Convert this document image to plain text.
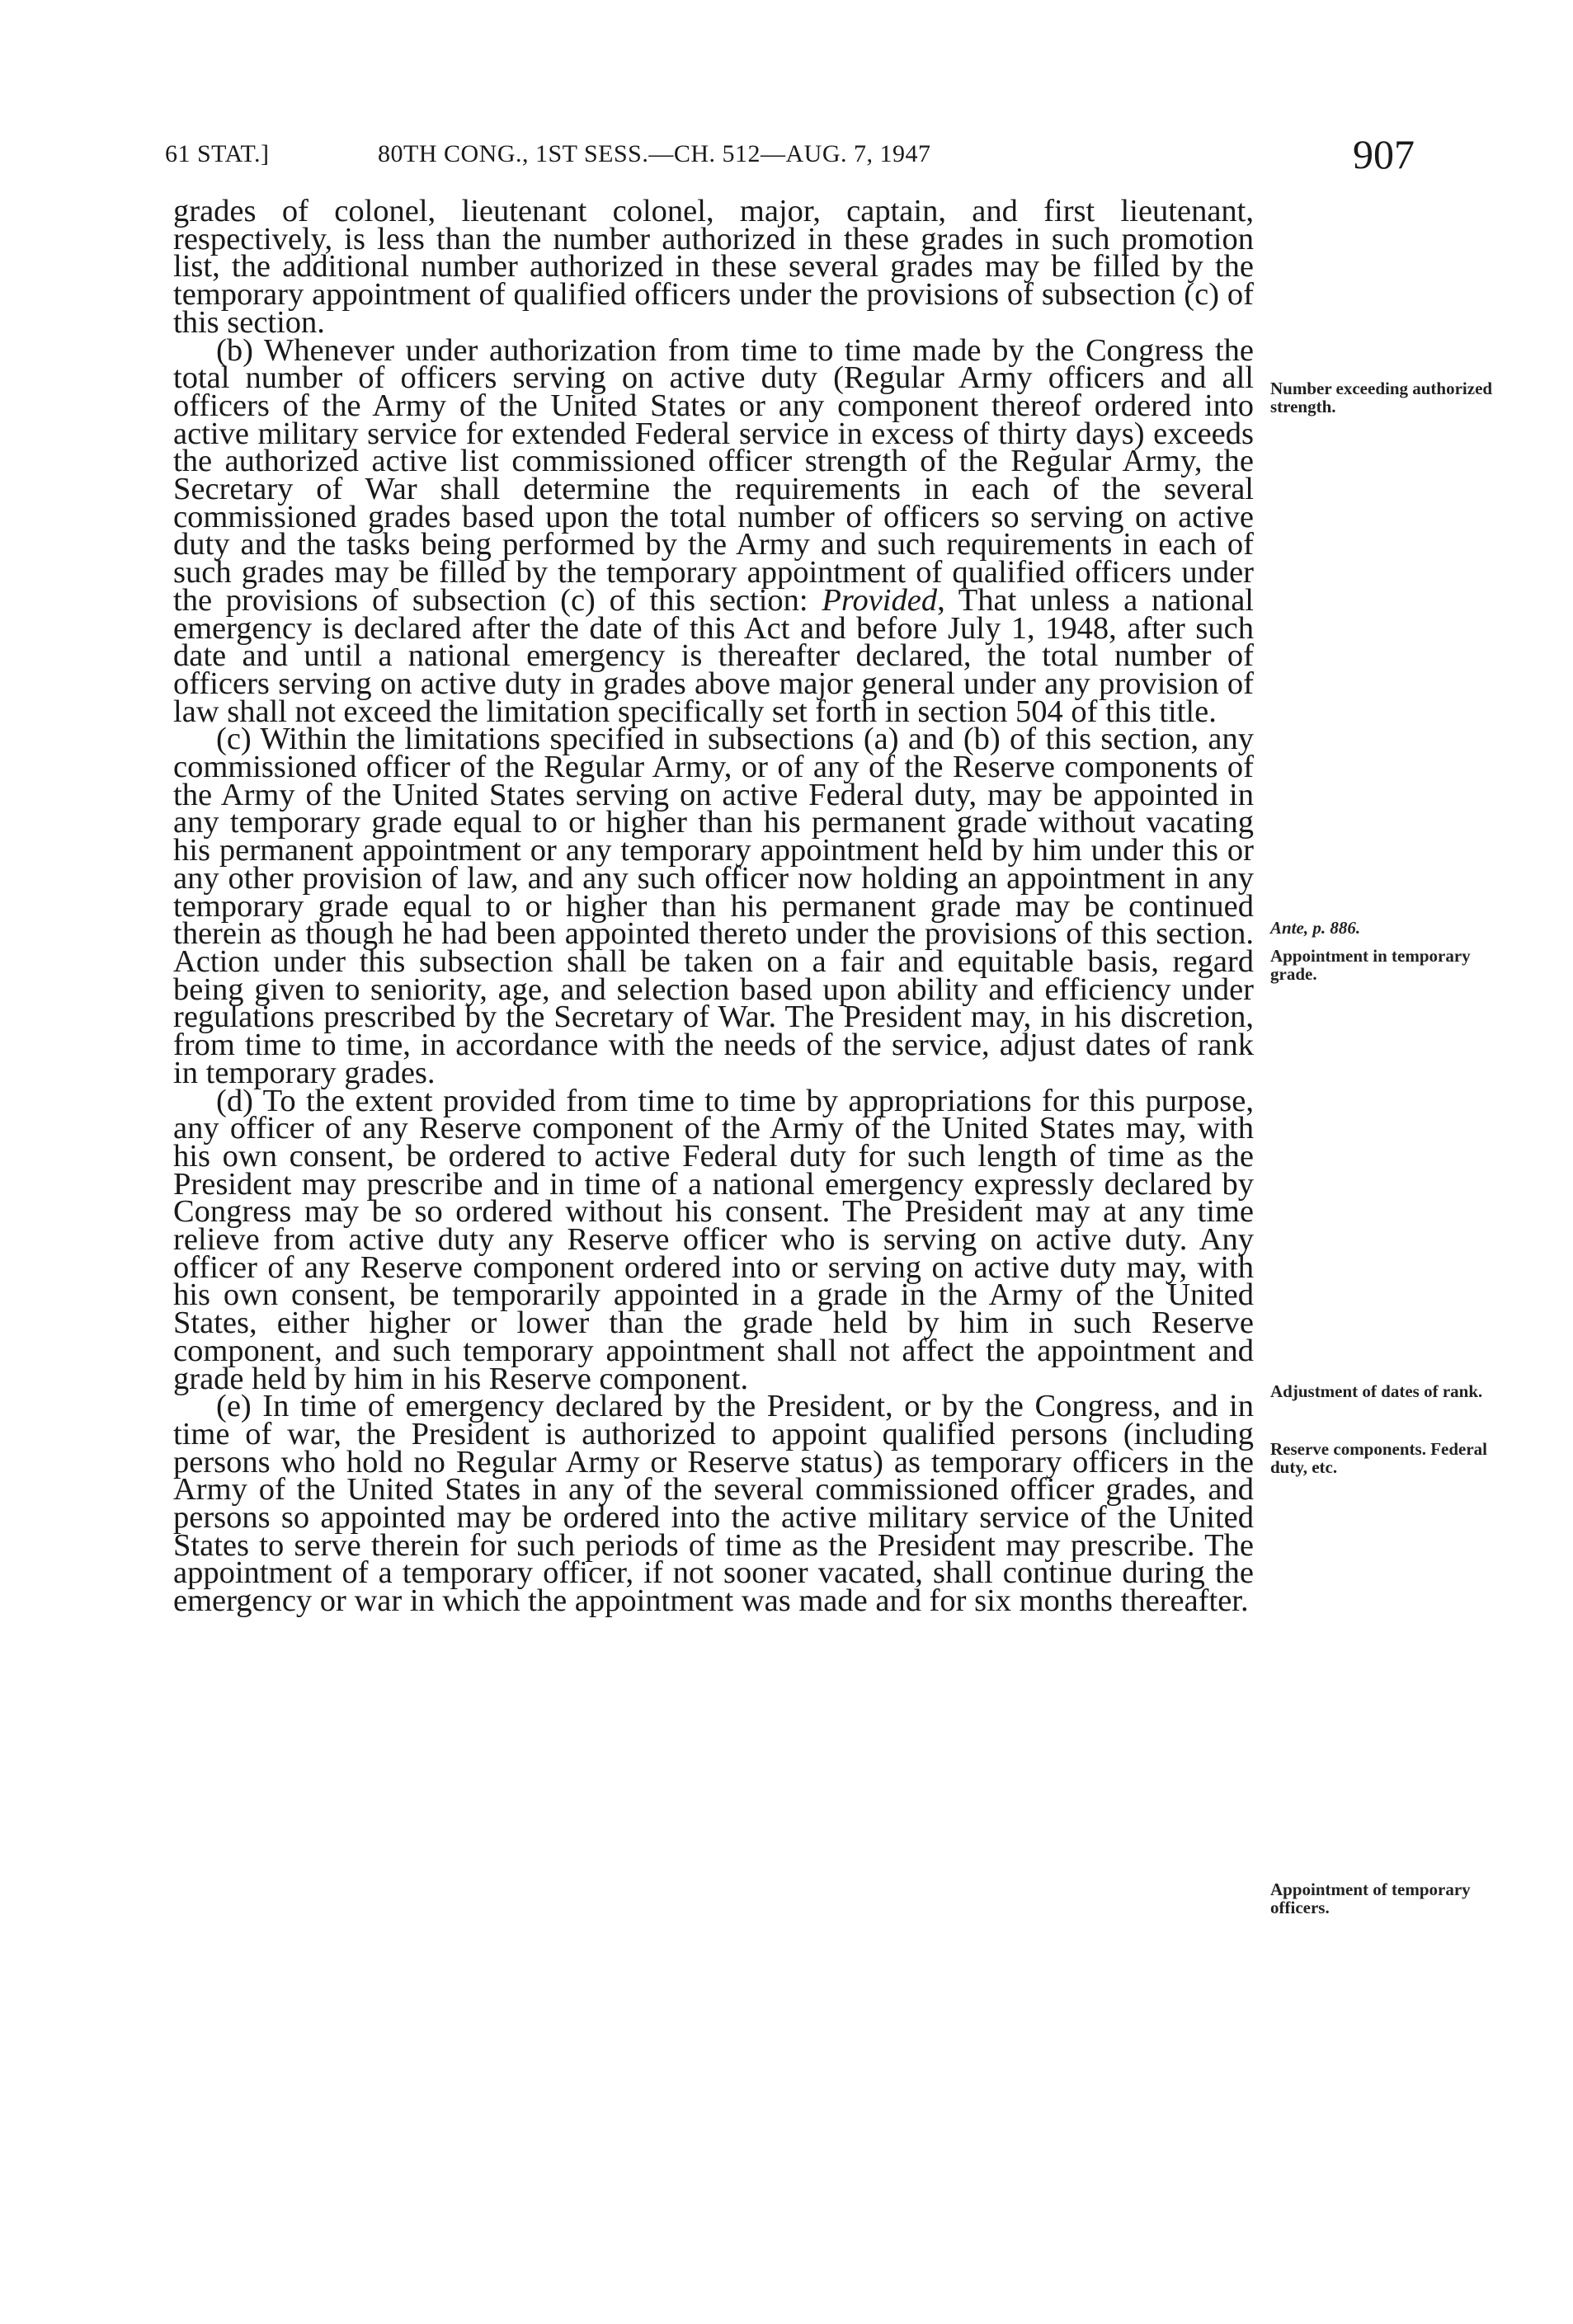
61 STAT.]	80TH CONG., 1ST SESS.—CH. 512—AUG. 7, 1947	907

grades of colonel, lieutenant colonel, major, captain, and first lieutenant, respectively, is less than the number authorized in these grades in such promotion list, the additional number authorized in these several grades may be filled by the temporary appointment of qualified officers under the provisions of subsection (c) of this section.

(b) Whenever under authorization from time to time made by the Congress the total number of officers serving on active duty (Regular Army officers and all officers of the Army of the United States or any component thereof ordered into active military service for extended Federal service in excess of thirty days) exceeds the authorized active list commissioned officer strength of the Regular Army, the Secretary of War shall determine the requirements in each of the several commissioned grades based upon the total number of officers so serving on active duty and the tasks being performed by the Army and such requirements in each of such grades may be filled by the temporary appointment of qualified officers under the provisions of subsection (c) of this section: Provided, That unless a national emergency is declared after the date of this Act and before July 1, 1948, after such date and until a national emergency is thereafter declared, the total number of officers serving on active duty in grades above major general under any provision of law shall not exceed the limitation specifically set forth in section 504 of this title.

(c) Within the limitations specified in subsections (a) and (b) of this section, any commissioned officer of the Regular Army, or of any of the Reserve components of the Army of the United States serving on active Federal duty, may be appointed in any temporary grade equal to or higher than his permanent grade without vacating his permanent appointment or any temporary appointment held by him under this or any other provision of law, and any such officer now holding an appointment in any temporary grade equal to or higher than his permanent grade may be continued therein as though he had been appointed thereto under the provisions of this section. Action under this subsection shall be taken on a fair and equitable basis, regard being given to seniority, age, and selection based upon ability and efficiency under regulations prescribed by the Secretary of War. The President may, in his discretion, from time to time, in accordance with the needs of the service, adjust dates of rank in temporary grades.

(d) To the extent provided from time to time by appropriations for this purpose, any officer of any Reserve component of the Army of the United States may, with his own consent, be ordered to active Federal duty for such length of time as the President may prescribe and in time of a national emergency expressly declared by Congress may be so ordered without his consent. The President may at any time relieve from active duty any Reserve officer who is serving on active duty. Any officer of any Reserve component ordered into or serving on active duty may, with his own consent, be temporarily appointed in a grade in the Army of the United States, either higher or lower than the grade held by him in such Reserve component, and such temporary appointment shall not affect the appointment and grade held by him in his Reserve component.

(e) In time of emergency declared by the President, or by the Congress, and in time of war, the President is authorized to appoint qualified persons (including persons who hold no Regular Army or Reserve status) as temporary officers in the Army of the United States in any of the several commissioned officer grades, and persons so appointed may be ordered into the active military service of the United States to serve therein for such periods of time as the President may prescribe. The appointment of a temporary officer, if not sooner vacated, shall continue during the emergency or war in which the appointment was made and for six months thereafter.

Number exceeding authorized strength.
Ante, p. 886.
Appointment in temporary grade.
Adjustment of dates of rank.
Reserve components. Federal duty, etc.
Appointment of temporary officers.
